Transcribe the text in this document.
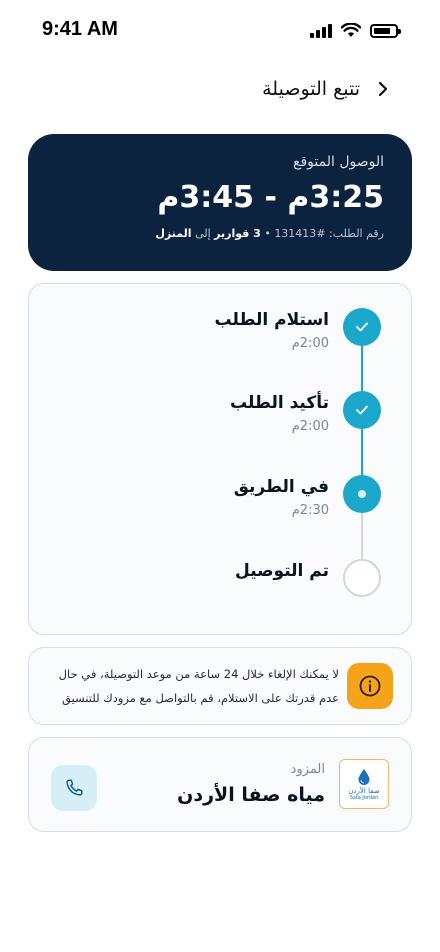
9:41 AM
تتبع التوصيلة
الوصول المتوقع
3:25م - 3:45م
رقم الطلب: #131413 • 3 قوارير إلى المنزل
استلام الطلب
2:00م
تأكيد الطلب
2:00م
في الطريق
2:30م
تم التوصيل
لا يمكنك الإلغاء خلال 24 ساعة من موعد التوصيلة، في حال عدم قدرتك على الاستلام، قم بالتواصل مع مزودك للتنسيق
صفا الأردن
Safa Jordan
المزود
مياه صفا الأردن
